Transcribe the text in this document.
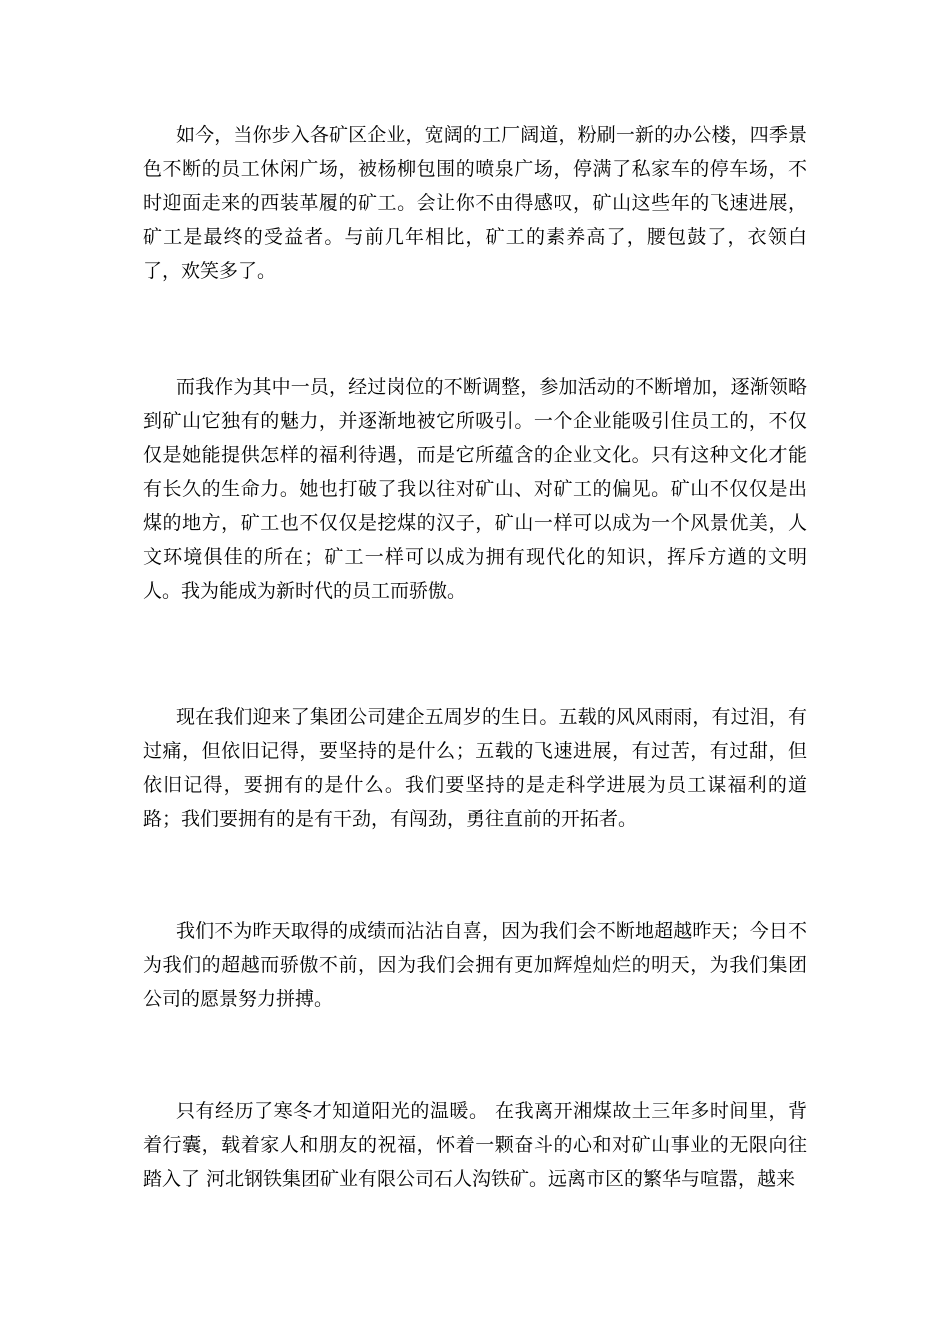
如今，当你步入各矿区企业，宽阔的工厂阔道，粉刷一新的办公楼，四季景色不断的员工休闲广场，被杨柳包围的喷泉广场，停满了私家车的停车场，不时迎面走来的西装革履的矿工。会让你不由得感叹，矿山这些年的飞速进展，矿工是最终的受益者。与前几年相比，矿工的素养高了，腰包鼓了，衣领白了，欢笑多了。

而我作为其中一员，经过岗位的不断调整，参加活动的不断增加，逐渐领略到矿山它独有的魅力，并逐渐地被它所吸引。一个企业能吸引住员工的，不仅仅是她能提供怎样的福利待遇，而是它所蕴含的企业文化。只有这种文化才能有长久的生命力。她也打破了我以往对矿山、对矿工的偏见。矿山不仅仅是出煤的地方，矿工也不仅仅是挖煤的汉子，矿山一样可以成为一个风景优美，人文环境俱佳的所在；矿工一样可以成为拥有现代化的知识，挥斥方遒的文明人。我为能成为新时代的员工而骄傲。

现在我们迎来了集团公司建企五周岁的生日。五载的风风雨雨，有过泪，有过痛，但依旧记得，要坚持的是什么；五载的飞速进展，有过苦，有过甜，但依旧记得，要拥有的是什么。我们要坚持的是走科学进展为员工谋福利的道路；我们要拥有的是有干劲，有闯劲，勇往直前的开拓者。

我们不为昨天取得的成绩而沾沾自喜，因为我们会不断地超越昨天；今日不为我们的超越而骄傲不前，因为我们会拥有更加辉煌灿烂的明天，为我们集团公司的愿景努力拼搏。

只有经历了寒冬才知道阳光的温暖。 在我离开湘煤故土三年多时间里，背着行囊，载着家人和朋友的祝福，怀着一颗奋斗的心和对矿山事业的无限向往踏入了 河北钢铁集团矿业有限公司石人沟铁矿。远离市区的繁华与喧嚣，越来
